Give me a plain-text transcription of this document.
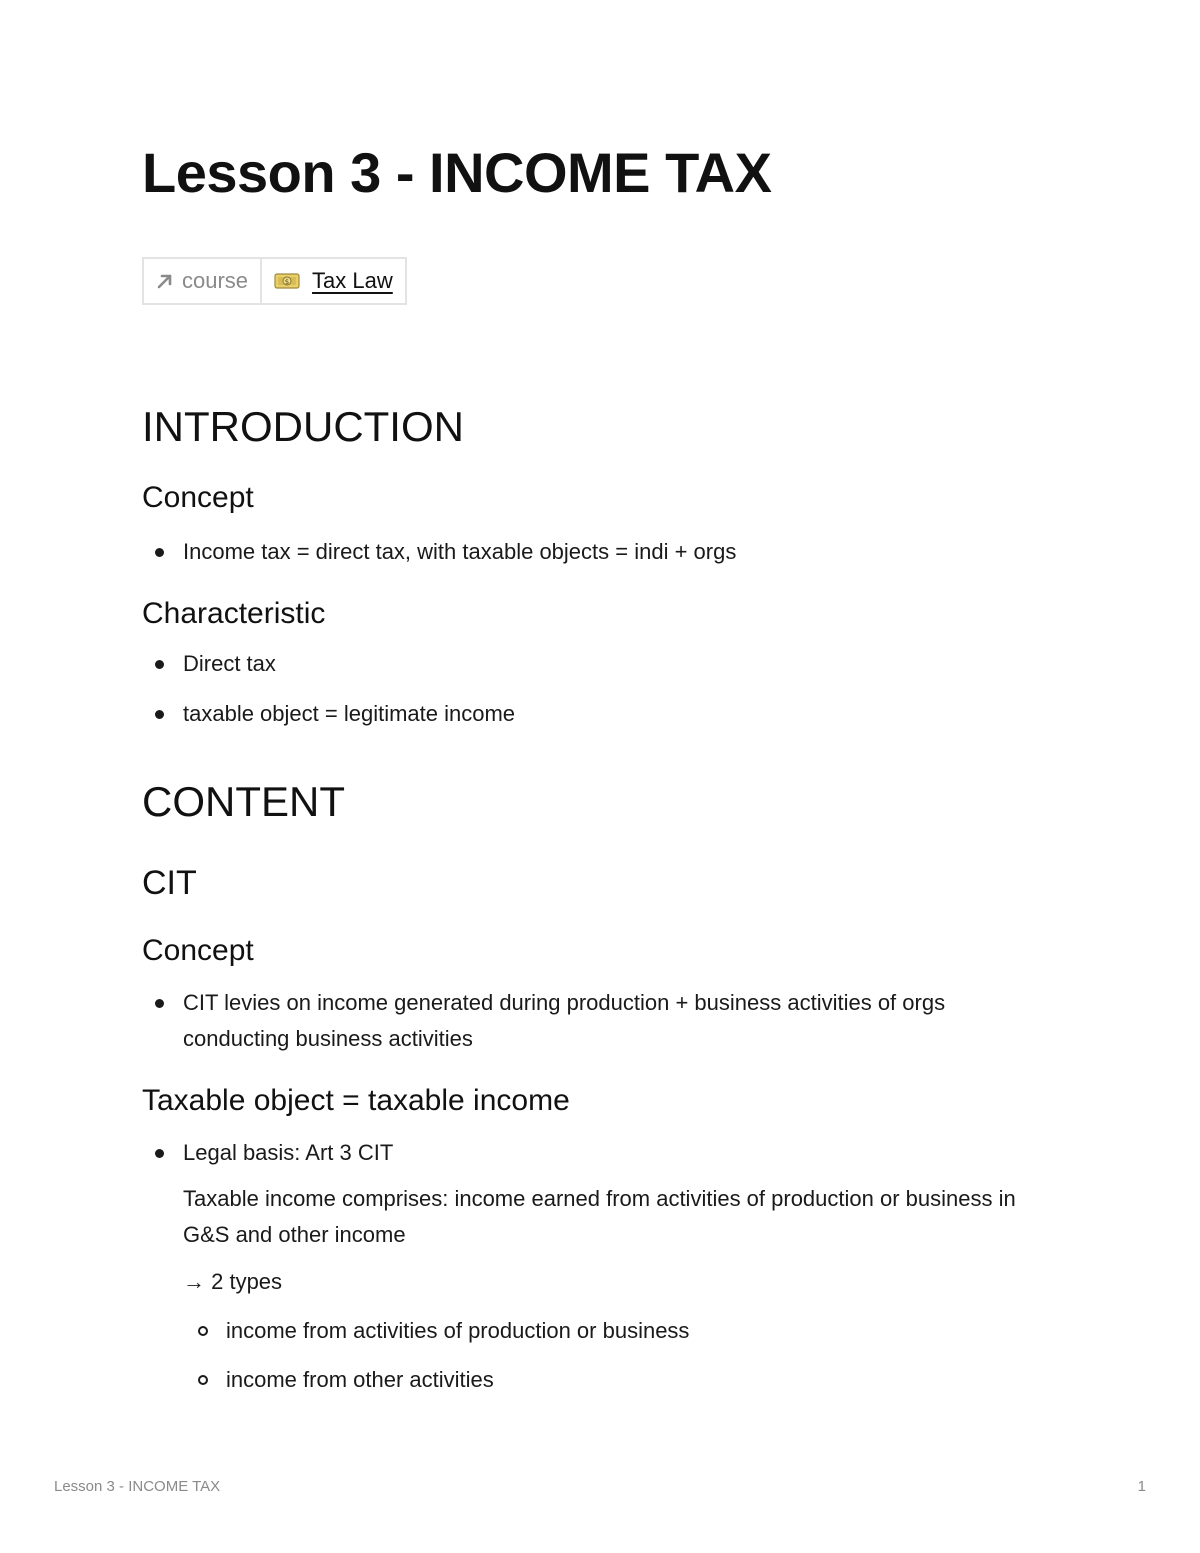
Lesson 3 - INCOME TAX
course	$ Tax Law
INTRODUCTION
Concept
Income tax = direct tax, with taxable objects = indi + orgs
Characteristic
Direct tax
taxable object = legitimate income
CONTENT
CIT
Concept
CIT levies on income generated during production + business activities of orgs conducting business activities
Taxable object = taxable income
Legal basis: Art 3 CIT
Taxable income comprises: income earned from activities of production or business in G&S and other income
→ 2 types
income from activities of production or business
income from other activities
Lesson 3 - INCOME TAX	1
